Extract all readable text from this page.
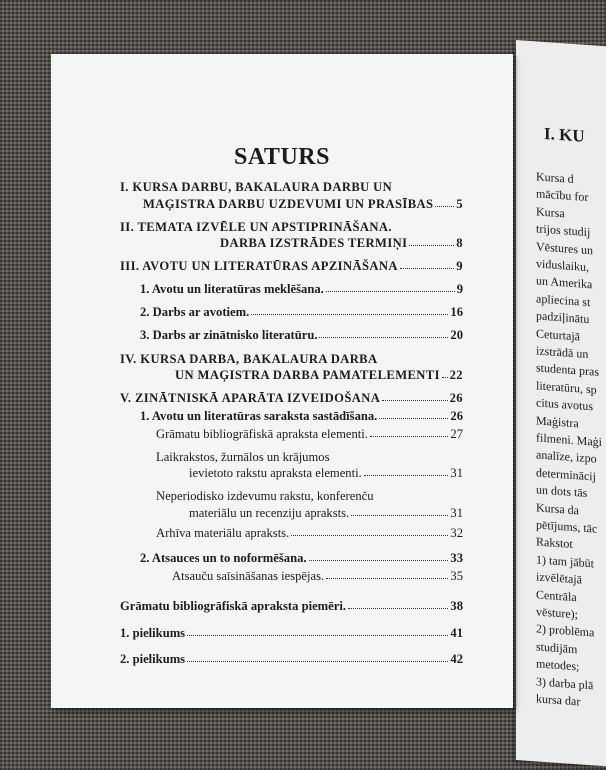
I. KU
Kursa d
mācību for
Kursa
trijos studij
Vēstures un
viduslaiku,
un Amerika
apliecina st
padziļinātu
Ceturtajā
izstrādā un
studenta pras
literatūru, sp
citus avotus
Maģistra
filmeni. Maģi
analīze, izpo
determinācij
un dots tās
Kursa da
pētījums, tāc
Rakstot
1) tam jābūt
izvēlētajā
Centrāla
vēsture);
2) problēma
studijām
metodes;
3) darba plā
kursa dar
SATURS
I. KURSA DARBU, BAKALAURA DARBU UN
MAĢISTRA DARBU UZDEVUMI UN PRASĪBAS 5
II. TEMATA IZVĒLE UN APSTIPRINĀŠANA.
DARBA IZSTRĀDES TERMIŅI	8
III. AVOTU UN LITERATŪRAS APZINĀŠANA	9
1. Avotu un literatūras meklēšana.	9
2. Darbs ar avotiem.	16
3. Darbs ar zinātnisko literatūru.	20
IV. KURSA DARBA, BAKALAURA DARBA
UN MAĢISTRA DARBA PAMATELEMENTI 22
V. ZINĀTNISKĀ APARĀTA IZVEIDOŠANA	26
1. Avotu un literatūras saraksta sastādīšana.	26
Grāmatu bibliogrāfiskā apraksta elementi.	27
Laikrakstos, žurnālos un krājumos
ievietoto rakstu apraksta elementi.	31
Neperiodisko izdevumu rakstu, konferenču
materiālu un recenziju apraksts.	31
Arhīva materiālu apraksts.	32
2. Atsauces un to noformēšana.	33
Atsauču saīsināšanas iespējas.	35
Grāmatu bibliogrāfiskā apraksta piemēri.	38
1. pielikums	41
2. pielikums	42
